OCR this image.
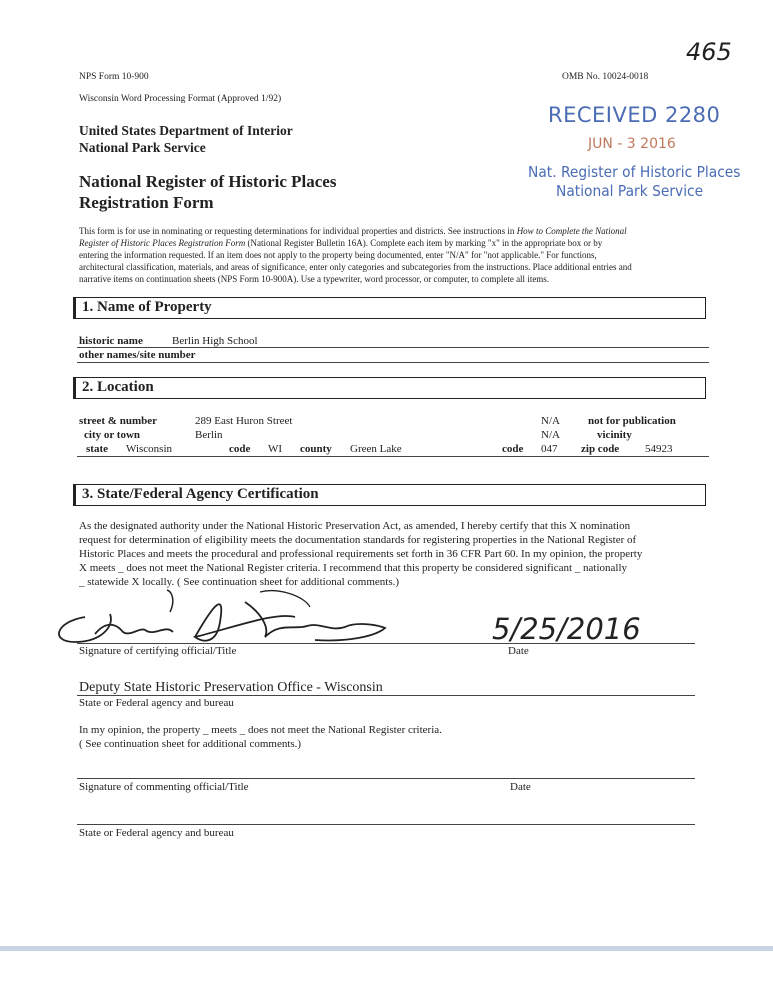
NPS Form 10-900
Wisconsin Word Processing Format (Approved 1/92)
OMB No. 10024-0018
465
United States Department of Interior
National Park Service
National Register of Historic Places
Registration Form
RECEIVED 2280
JUN - 3 2016
Nat. Register of Historic Places
National Park Service
This form is for use in nominating or requesting determinations for individual properties and districts. See instructions in How to Complete the National
Register of Historic Places Registration Form (National Register Bulletin 16A). Complete each item by marking "x" in the appropriate box or by
entering the information requested. If an item does not apply to the property being documented, enter "N/A" for "not applicable." For functions,
architectural classification, materials, and areas of significance, enter only categories and subcategories from the instructions. Place additional entries and
narrative items on continuation sheets (NPS Form 10-900A). Use a typewriter, word processor, or computer, to complete all items.
1. Name of Property
historic name	Berlin High School
other names/site number
2. Location
street & number	289 East Huron Street	N/A	not for publication
city or town	Berlin	N/A	vicinity
state Wisconsin	code WI county Green Lake	code 047 zip code 54923
3. State/Federal Agency Certification
As the designated authority under the National Historic Preservation Act, as amended, I hereby certify that this X nomination
request for determination of eligibility meets the documentation standards for registering properties in the National Register of
Historic Places and meets the procedural and professional requirements set forth in 36 CFR Part 60. In my opinion, the property
X meets _ does not meet the National Register criteria. I recommend that this property be considered significant _ nationally
_ statewide X locally. ( See continuation sheet for additional comments.)
5/25/2016
Signature of certifying official/Title	Date
Deputy State Historic Preservation Office - Wisconsin
State or Federal agency and bureau
In my opinion, the property _ meets _ does not meet the National Register criteria.
( See continuation sheet for additional comments.)
Signature of commenting official/Title	Date
State or Federal agency and bureau
